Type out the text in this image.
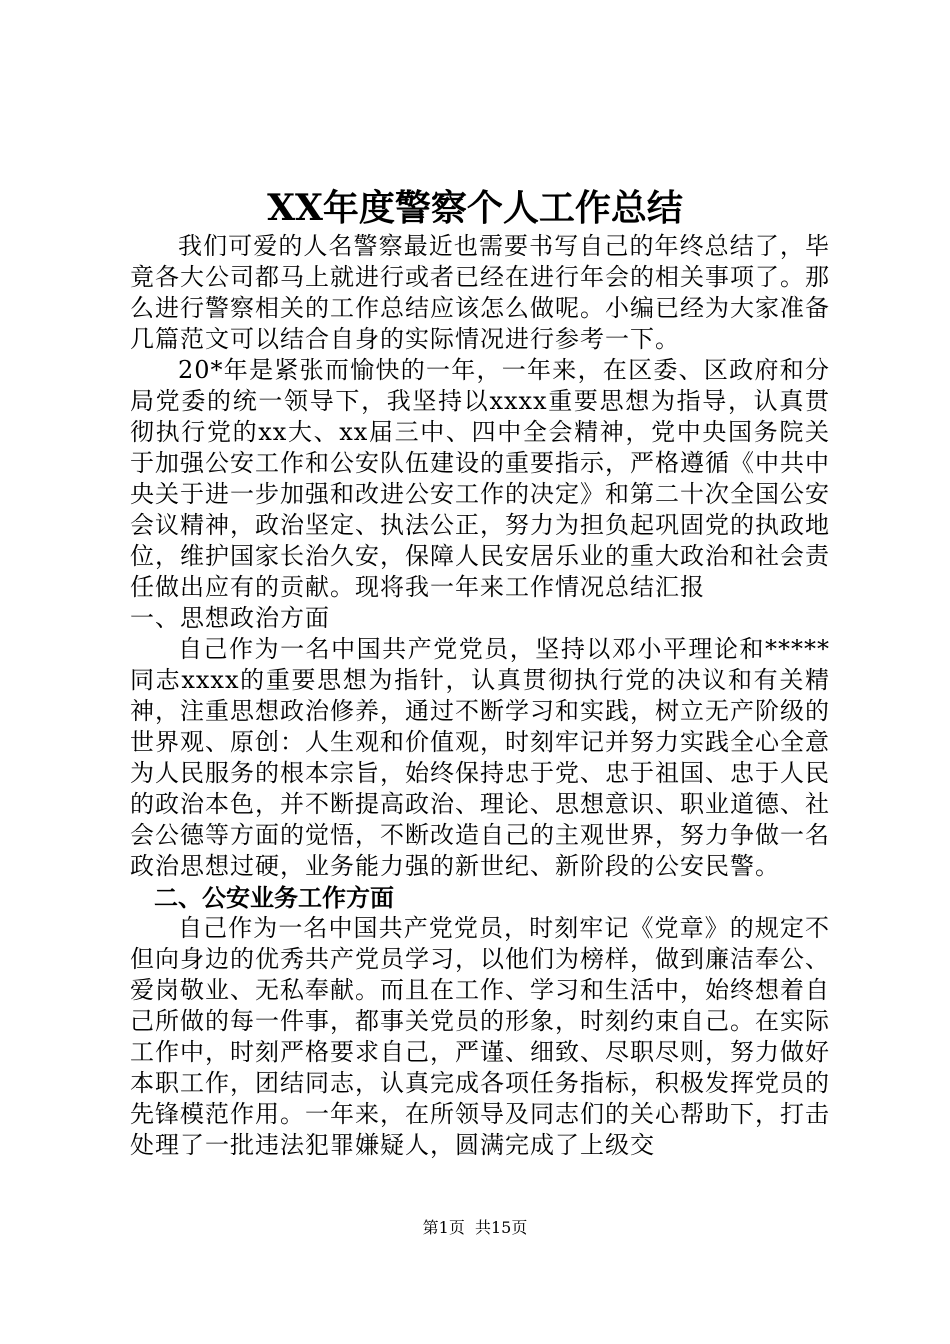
XX年度警察个人工作总结

我们可爱的人名警察最近也需要书写自己的年终总结了，毕竟各大公司都马上就进行或者已经在进行年会的相关事项了。那么进行警察相关的工作总结应该怎么做呢。小编已经为大家准备几篇范文可以结合自身的实际情况进行参考一下。

20*年是紧张而愉快的一年，一年来，在区委、区政府和分局党委的统一领导下，我坚持以xxxx重要思想为指导，认真贯彻执行党的xx大、xx届三中、四中全会精神，党中央国务院关于加强公安工作和公安队伍建设的重要指示，严格遵循《中共中央关于进一步加强和改进公安工作的决定》和第二十次全国公安会议精神，政治坚定、执法公正，努力为担负起巩固党的执政地位，维护国家长治久安，保障人民安居乐业的重大政治和社会责任做出应有的贡献。现将我一年来工作情况总结汇报

一、思想政治方面

自己作为一名中国共产党党员，坚持以邓小平理论和*****同志xxxx的重要思想为指针，认真贯彻执行党的决议和有关精神，注重思想政治修养，通过不断学习和实践，树立无产阶级的世界观、原创：人生观和价值观，时刻牢记并努力实践全心全意为人民服务的根本宗旨，始终保持忠于党、忠于祖国、忠于人民的政治本色，并不断提高政治、理论、思想意识、职业道德、社会公德等方面的觉悟，不断改造自己的主观世界，努力争做一名政治思想过硬，业务能力强的新世纪、新阶段的公安民警。

二、公安业务工作方面

自己作为一名中国共产党党员，时刻牢记《党章》的规定不但向身边的优秀共产党员学习，以他们为榜样，做到廉洁奉公、爱岗敬业、无私奉献。而且在工作、学习和生活中，始终想着自己所做的每一件事，都事关党员的形象，时刻约束自己。在实际工作中，时刻严格要求自己，严谨、细致、尽职尽则，努力做好本职工作，团结同志，认真完成各项任务指标，积极发挥党员的先锋模范作用。一年来，在所领导及同志们的关心帮助下，打击处理了一批违法犯罪嫌疑人，圆满完成了上级交

第1页  共15页
